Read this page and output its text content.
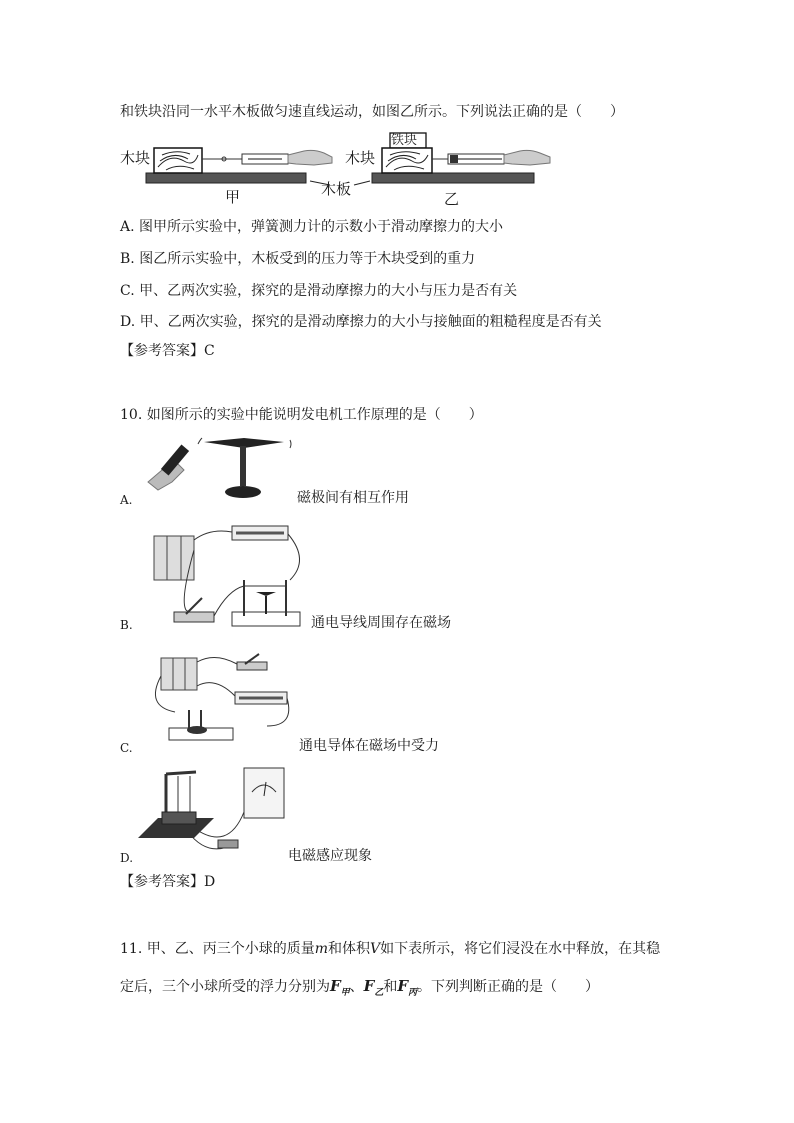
和铁块沿同一水平木板做匀速直线运动，如图乙所示。下列说法正确的是（　　）
木块	木块
铁块
木板
甲	乙
A. 图甲所示实验中，弹簧测力计的示数小于滑动摩擦力的大小
B. 图乙所示实验中，木板受到的压力等于木块受到的重力
C. 甲、乙两次实验，探究的是滑动摩擦力的大小与压力是否有关
D. 甲、乙两次实验，探究的是滑动摩擦力的大小与接触面的粗糙程度是否有关
【参考答案】C
10. 如图所示的实验中能说明发电机工作原理的是（　　）
A.	磁极间有相互作用
B.	通电导线周围存在磁场
C.	通电导体在磁场中受力
D.	电磁感应现象
【参考答案】D
11. 甲、乙、丙三个小球的质量m和体积V如下表所示，将它们浸没在水中释放，在其稳
定后，三个小球所受的浮力分别为$F_甲$、$F_乙$和$F_丙$。下列判断正确的是（　　）
